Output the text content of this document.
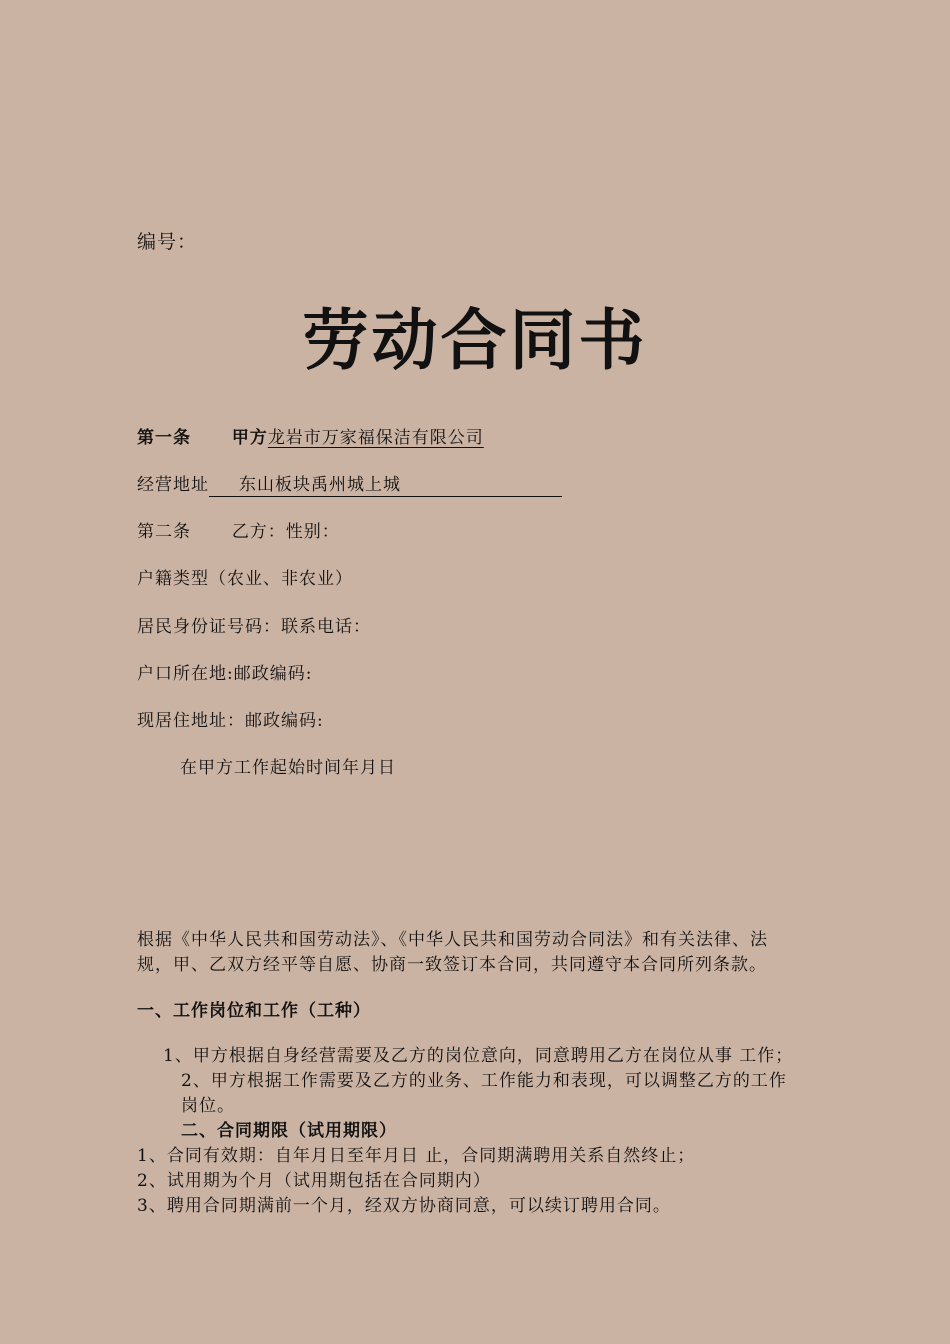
编号：
劳动合同书
第一条 甲方龙岩市万家福保洁有限公司
经营地址 东山板块禹州城上城
第二条 乙方：性别：
户籍类型（农业、非农业）
居民身份证号码：联系电话：
户口所在地:邮政编码:
现居住地址：邮政编码:
在甲方工作起始时间年月日
根据《中华人民共和国劳动法》、《中华人民共和国劳动合同法》和有关法律、法
规，甲、乙双方经平等自愿、协商一致签订本合同，共同遵守本合同所列条款。
一、工作岗位和工作（工种）
1、甲方根据自身经营需要及乙方的岗位意向，同意聘用乙方在岗位从事 工作；
2、甲方根据工作需要及乙方的业务、工作能力和表现，可以调整乙方的工作
岗位。
二、合同期限（试用期限）
1、合同有效期：自年月日至年月日 止，合同期满聘用关系自然终止；
2、试用期为个月（试用期包括在合同期内）
3、聘用合同期满前一个月，经双方协商同意，可以续订聘用合同。
